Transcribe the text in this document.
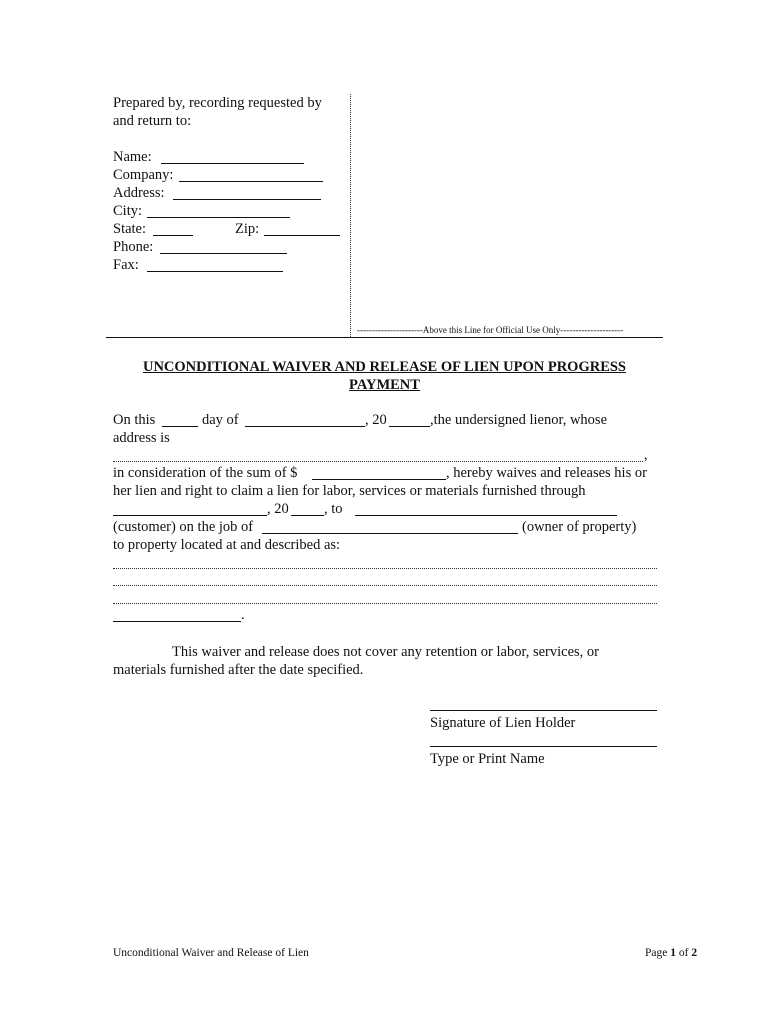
Prepared by, recording requested by
and return to:
Name:
Company:
Address:
City:
State:	Zip:
Phone:
Fax:
----------------------Above this Line for Official Use Only---------------------
UNCONDITIONAL WAIVER AND RELEASE OF LIEN UPON PROGRESS
PAYMENT
On this	day of	, 20	,the undersigned lienor, whose
address is
,
in consideration of the sum of $	, hereby waives and releases his or
her lien and right to claim a lien for labor, services or materials furnished through
, 20 , to
(customer) on the job of	(owner of property)
to property located at and described as:
.
This waiver and release does not cover any retention or labor, services, or
materials furnished after the date specified.
Signature of Lien Holder
Type or Print Name
Unconditional Waiver and Release of Lien	Page 1 of 2
